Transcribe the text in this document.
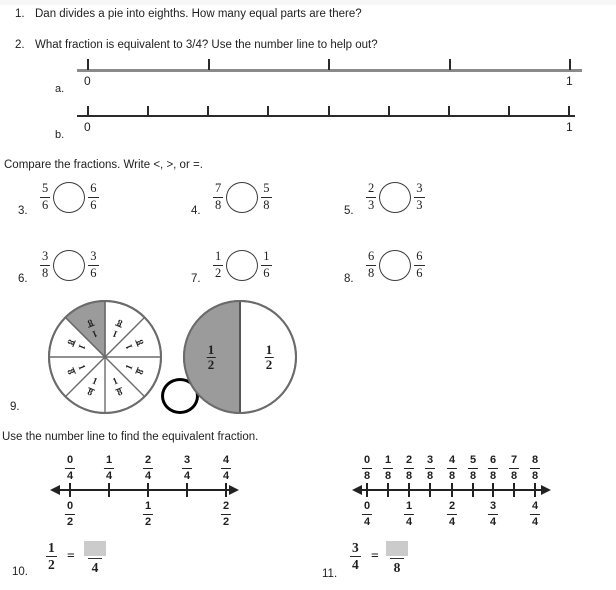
1. Dan divides a pie into eighths. How many equal parts are there?
2. What fraction is equivalent to 3/4? Use the number line to help out?
0	1
a.
0	1
b.
Compare the fractions. Write <, >, or =.
3. $\frac{5}{6}$	$\frac{6}{6}$	4. $\frac{7}{8}$	$\frac{5}{8}$	5. $\frac{2}{3}$	$\frac{3}{3}$
6. $\frac{3}{8}$	$\frac{3}{6}$	7. $\frac{1}{2}$	$\frac{1}{6}$	8. $\frac{6}{8}$	$\frac{6}{6}$
1
8
1
8
1
8
$\frac{1}{8}$
$\frac{1}{8}$
1
8
1
8
1
8
$\frac{1}{2}$	$\frac{1}{2}$
9.
Use the number line to find the equivalent fraction.
$\frac{0}{4}$	$\frac{1}{4}$	$\frac{2}{4}$	$\frac{3}{4}$	$\frac{4}{4}$
$\frac{0}{2}$	$\frac{1}{2}$	$\frac{2}{2}$
$\frac{0}{8} \frac{1}{8} \frac{2}{8} \frac{3}{8} \frac{4}{8} \frac{5}{8} \frac{6}{8} \frac{7}{8} \frac{8}{8}$
$\frac{0}{4}$	$\frac{1}{4}$	$\frac{2}{4}$	$\frac{3}{4}$	$\frac{4}{4}$
10. $\frac{1}{2}$ =
4	11.
$\frac{3}{4}$ =
8
